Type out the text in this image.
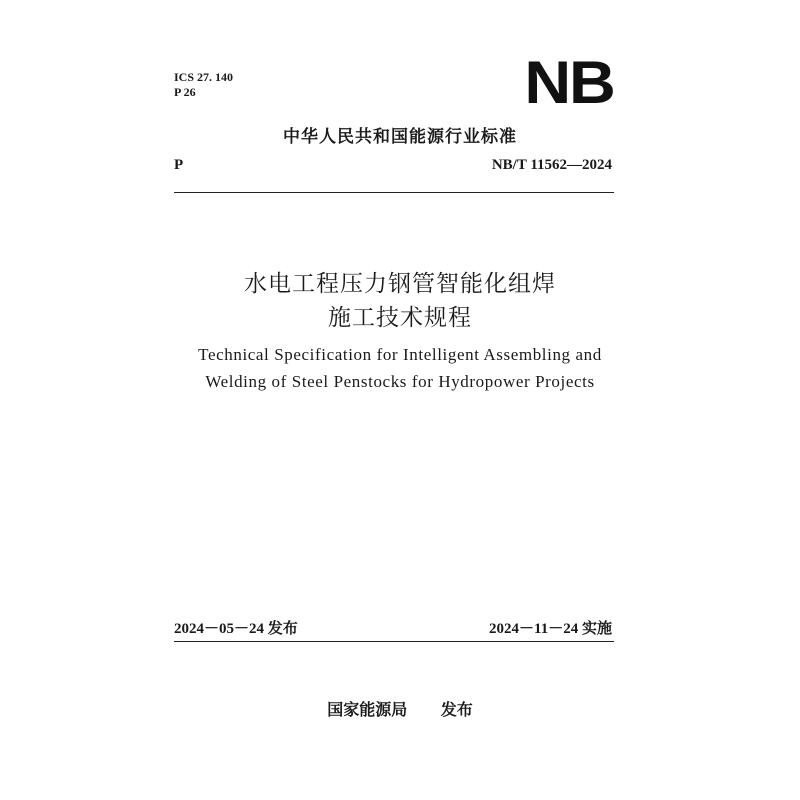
ICS 27. 140
P 26	NB
中华人民共和国能源行业标准
P	NB/T 11562—2024
水电工程压力钢管智能化组焊
施工技术规程
Technical Specification for Intelligent Assembling and
Welding of Steel Penstocks for Hydropower Projects
2024－05－24 发布	2024－11－24 实施
国家能源局 发布
